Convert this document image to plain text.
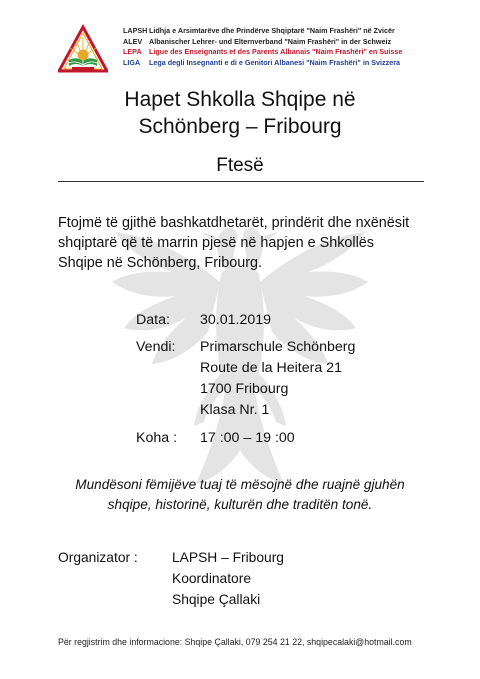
LAPSH Lidhja e Arsimtarëve dhe Prindërve Shqiptarë "Naim Frashëri" në Zvicër
ALEV Albanischer Lehrer- und Elternverband "Naim Frashëri" in der Schweiz
LEPA Ligue des Enseignants et des Parents Albanais "Naim Frashëri" en Suisse
LIGA Lega degli Insegnanti e di e Genitori Albanesi "Naim Frashëri" in Svizzera
Hapet Shkolla Shqipe në
Schönberg – Fribourg
Ftesë
Ftojmë të gjithë bashkatdhetarët, prindërit dhe nxënësit
shqiptarë që të marrin pjesë në hapjen e Shkollës
Shqipe në Schönberg, Fribourg.
Data: 30.01.2019
Vendi: Primarschule Schönberg
Route de la Heitera 21
1700 Fribourg
Klasa Nr. 1
Koha : 17 :00 – 19 :00
Mundësoni fëmijëve tuaj të mësojnë dhe ruajnë gjuhën
shqipe, historinë, kulturën dhe traditën tonë.
Organizator : LAPSH – Fribourg
Koordinatore
Shqipe Çallaki
Për regjistrim dhe informacione: Shqipe Çallaki, 079 254 21 22, shqipecalaki@hotmail.com
